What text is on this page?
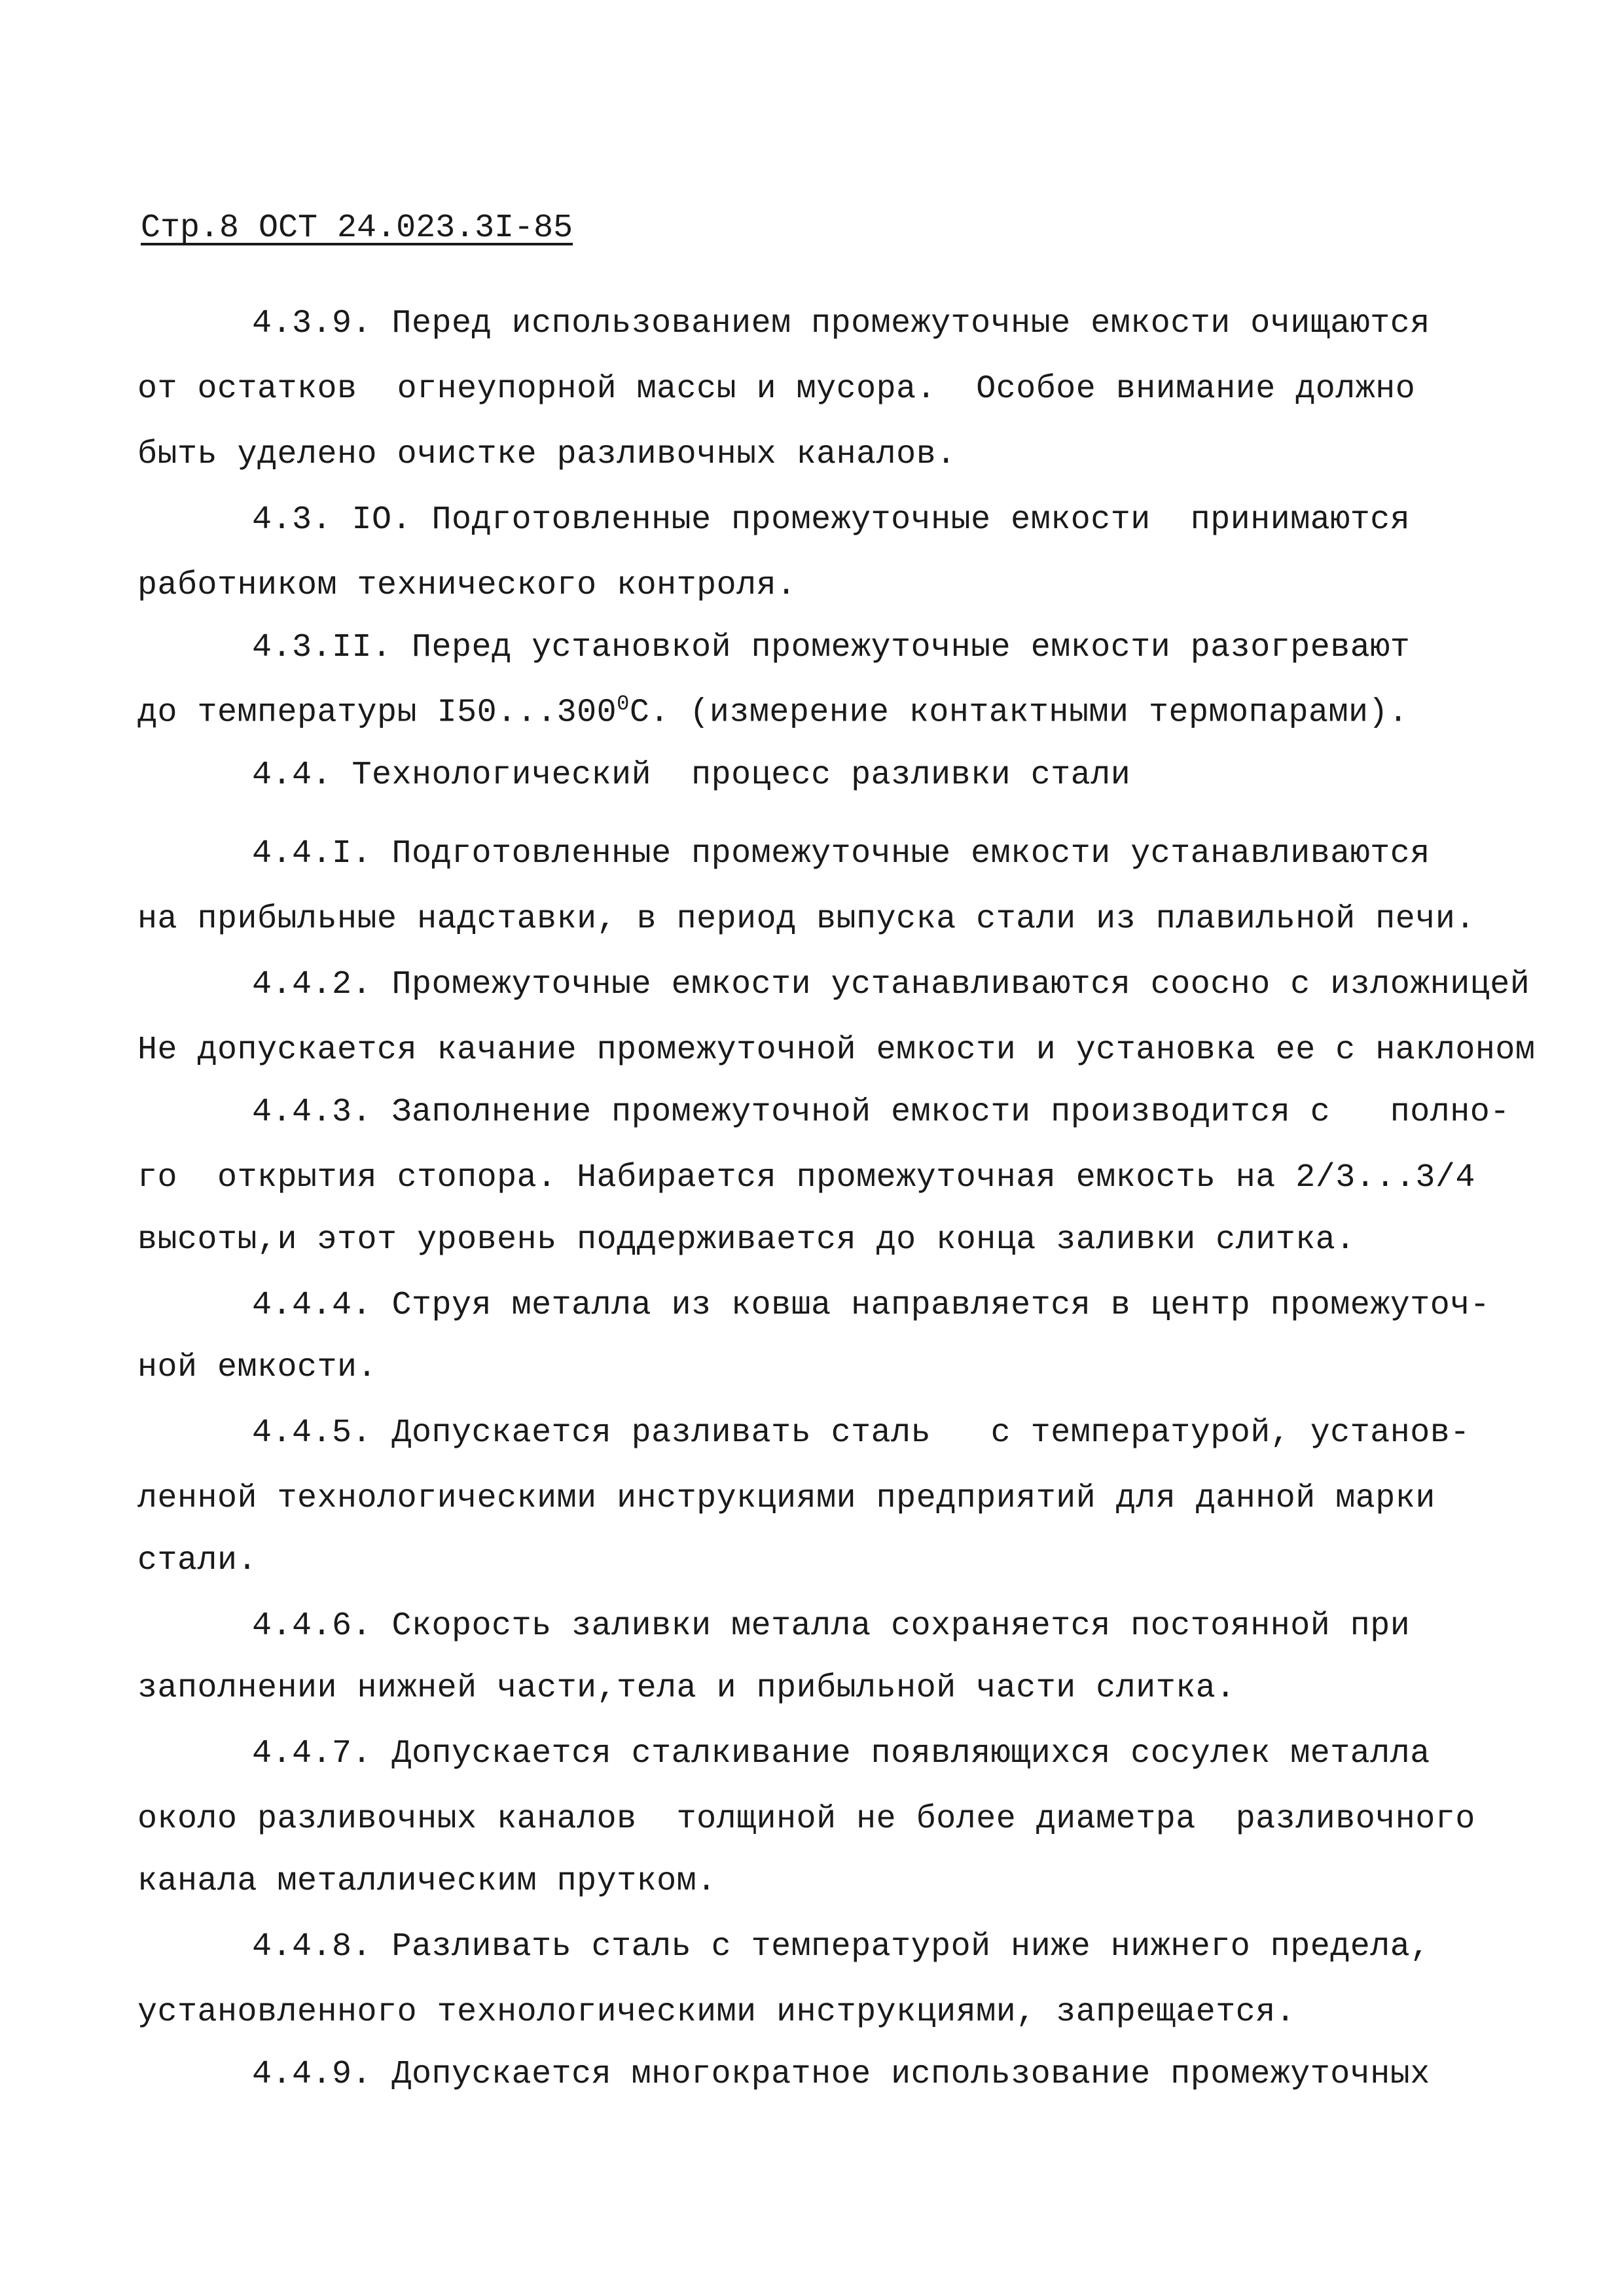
Стр.8 ОСТ 24.023.3I-85
4.3.9. Перед использованием промежуточные емкости очищаются
от остатков  огнеупорной массы и мусора.  Особое внимание должно
быть уделено очистке разливочных каналов.
4.3. IO. Подготовленные промежуточные емкости  принимаются
работником технического контроля.
4.3.II. Перед установкой промежуточные емкости разогревают
до температуры I50...300$^0$C. (измерение контактными термопарами).
4.4. Технологический  процесс разливки стали
4.4.I. Подготовленные промежуточные емкости устанавливаются
на прибыльные надставки, в период выпуска стали из плавильной печи.
4.4.2. Промежуточные емкости устанавливаются соосно с изложницей
Не допускается качание промежуточной емкости и установка ее с наклоном
4.4.3. Заполнение промежуточной емкости производится с   полно-
го  открытия стопора. Набирается промежуточная емкость на 2/3...3/4
высоты,и этот уровень поддерживается до конца заливки слитка.
4.4.4. Струя металла из ковша направляется в центр промежуточ-
ной емкости.
4.4.5. Допускается разливать сталь   с температурой, установ-
ленной технологическими инструкциями предприятий для данной марки
стали.
4.4.6. Скорость заливки металла сохраняется постоянной при
заполнении нижней части,тела и прибыльной части слитка.
4.4.7. Допускается сталкивание появляющихся сосулек металла
около разливочных каналов  толщиной не более диаметра  разливочного
канала металлическим прутком.
4.4.8. Разливать сталь с температурой ниже нижнего предела,
установленного технологическими инструкциями, запрещается.
4.4.9. Допускается многократное использование промежуточных
